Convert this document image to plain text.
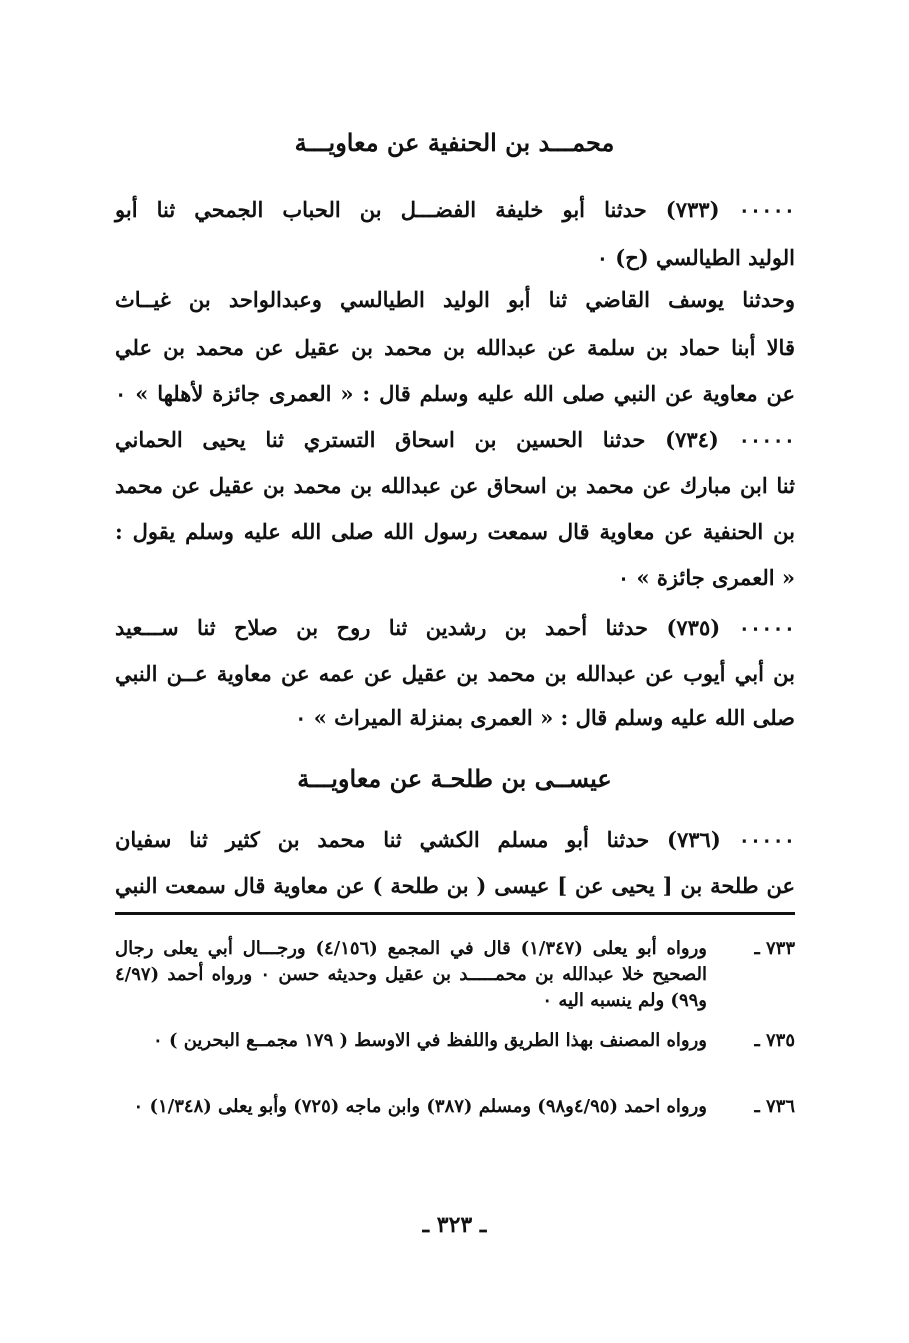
محمـــد بن الحنفية عن معاويـــة
٠٠٠٠٠ (٧٣٣) حدثنا أبو خليفة الفضـــل بن الحباب الجمحي ثنا أبو
الوليد الطيالسي (ح) ٠
وحدثنا يوسف القاضي ثنا أبو الوليد الطيالسي وعبدالواحد بن غيــاث
قالا أبنا حماد بن سلمة عن عبدالله بن محمد بن عقيل عن محمد بن علي
عن معاوية عن النبي صلى الله عليه وسلم قال : « العمرى جائزة لأهلها » ٠
٠٠٠٠٠ (٧٣٤) حدثنا الحسين بن اسحاق التستري ثنا يحيى الحماني
ثنا ابن مبارك عن محمد بن اسحاق عن عبدالله بن محمد بن عقيل عن محمد
بن الحنفية عن معاوية قال سمعت رسول الله صلى الله عليه وسلم يقول :
« العمرى جائزة » ٠
٠٠٠٠٠ (٧٣٥) حدثنا أحمد بن رشدين ثنا روح بن صلاح ثنا ســـعيد
بن أبي أيوب عن عبدالله بن محمد بن عقيل عن عمه عن معاوية عــن النبي
صلى الله عليه وسلم قال : « العمرى بمنزلة الميراث » ٠
عيســى بن طلحـة عن معاويـــة
٠٠٠٠٠ (٧٣٦) حدثنا أبو مسلم الكشي ثنا محمد بن كثير ثنا سفيان
عن طلحة بن [ يحيى عن ] عيسى ( بن طلحة ) عن معاوية قال سمعت النبي
٧٣٣ ـ
ورواه أبو يعلى (١/٣٤٧) قال في المجمع (٤/١٥٦) ورجـــال أبي يعلى رجال الصحيح خلا عبدالله بن محمـــــد بن عقيل وحديثه حسن ٠ ورواه أحمد (٤/٩٧ و٩٩) ولم ينسبه اليه ٠
٧٣٥ ـ
ورواه المصنف بهذا الطريق واللفظ في الاوسط ( ١٧٩ مجمــع البحرين ) ٠
٧٣٦ ـ
ورواه احمد (٤/٩٥و٩٨) ومسلم (٣٨٧) وابن ماجه (٧٢٥) وأبو يعلى (١/٣٤٨) ٠
ـ ٣٢٣ ـ
